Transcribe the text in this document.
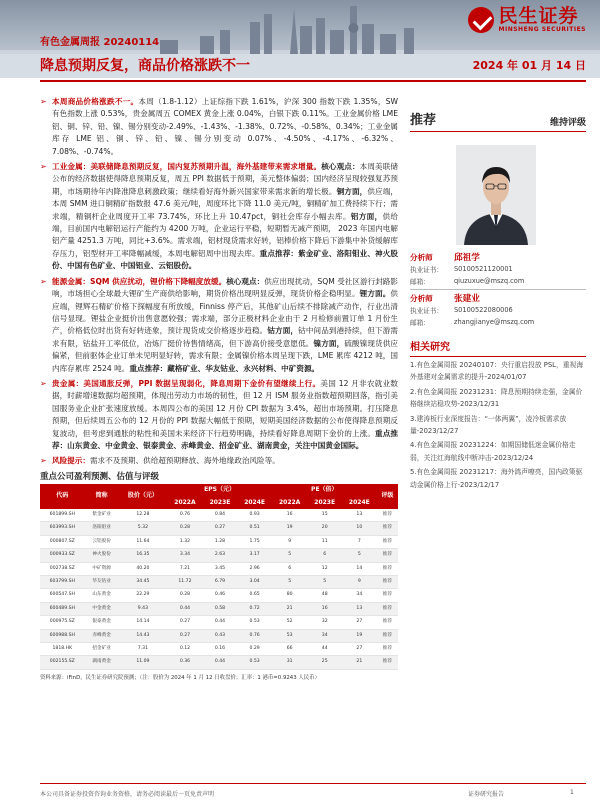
民生证券
MINSHENG SECURITIES
有色金属周报 20240114
降息预期反复，商品价格涨跌不一	2024 年 01 月 14 日
➢ 本周商品价格涨跌不一。本周（1.8-1.12）上证综指下跌 1.61%，沪深 300 指数下跌 1.35%，SW 有色指数上涨 0.53%，贵金属周五 COMEX 黄金上涨 0.04%，白银下跌 0.11%。工业金属价格 LME 铝、铜、锌、铅、镍、锡分别变动-2.49%、-1.43%、-1.38%、0.72%、-0.58%、0.34%；工业金属库存 LME 铝、铜、锌、铅、镍、锡分别变动 0.07%、-4.50%、-4.17%、-6.32%、7.08%、-0.74%。
➢ 工业金属：美联储降息预期反复，国内复苏预期升温，海外基建带来需求增量。核心观点：本周美联储公布的经济数据使得降息预期反复，周五 PPI 数据低于预期，美元整体偏弱；国内经济呈现较强复苏预期，市场期待年内降准降息刺激政策；继续看好海外新兴国家带来需求新的增长极。铜方面，供应端，本周 SMM 进口铜精矿指数报 47.6 美元/吨，周度环比下降 11.0 美元/吨，铜精矿加工费持续下行；需求端，精铜杆企业周度开工率 73.74%，环比上升 10.47pct，铜社会库存小幅去库。铝方面，供给端，目前国内电解铝运行产能约为 4200 万吨，企业运行平稳，短期暂无减产预期， 2023 年国内电解铝产量 4251.3 万吨，同比+3.6%。需求端，铝材现货需求好转，铝棒价格下降后下游集中补货缓解库存压力，铝型材开工率降幅减缓，本周电解铝周中出现去库。重点推荐：紫金矿业、洛阳钼业、神火股份、中国有色矿业、中国铝业、云铝股份。
➢ 能源金属：SQM 供应扰动，锂价格下降幅度放缓。核心观点：供应出现扰动，SQM 受社区游行封路影响，市场担心全球最大锂矿生产商供给影响，期货价格出现明显反弹，现货价格企稳明显。锂方面。供应端，锂辉石精矿价格下探幅度有所放缓，Finniss 停产后，其他矿山后续不排除减产动作，行业出清信号显现。锂盐企业挺价出售意愿较强；需求端，部分正极材料企业由于 2 月检修前置订单 1 月份生产，价格低位时出货有好转迹象，预计现货成交价格逐步趋稳。钴方面，钴中间品到港持续，但下游需求有限，钴盐开工率低位，冶炼厂挺价待售情绪高，但下游高价接受意愿低。镍方面，硫酸镍现货供应偏紧，但前驱体企业订单未见明显好转，需求有限；金属镍价格本周呈现下跌，LME 累库 4212 吨，国内库存累库 2524 吨。重点推荐：藏格矿业、华友钴业、永兴材料、中矿资源。
➢ 贵金属：美国通胀反弹，PPI 数据呈现弱化，降息周期下金价有望继续上行。美国 12 月非农就业数据，时薪增速数据均超预期，体现出劳动力市场的韧性，但 12 月 ISM 服务业指数超预期回落，指引美国服务业企业扩张速度放缓。本周四公布的美国 12 月份 CPI 数据为 3.4%，超出市场预期。打压降息预期，但后续周五公布的 12 月份的 PPI 数据大幅低于预期，短期美国经济数据的公布使得降息预期反复波动，但考虑到通胀的粘性和美国未来经济下行趋势明确，持续看好降息周期下金价的上涨。重点推荐：山东黄金、中金黄金、银泰黄金、赤峰黄金、招金矿业、湖南黄金，关注中国黄金国际。
➢ 风险提示：需求不及预期、供给超预期释放、海外地缘政治风险等。
重点公司盈利预测、估值与评级
代码	简称	股价（元）	EPS（元）			PE（倍）			评级
			2022A	2023E	2024E	2022A	2023E	2024E	
601899.SH	紫金矿业	12.28	0.76	0.84	0.93	16	15	13	推荐
603993.SH	洛阳钼业	5.32	0.28	0.27	0.51	19	20	10	推荐
000807.SZ	云铝股份	11.64	1.32	1.28	1.75	9	11	7	推荐
000933.SZ	神火股份	16.35	3.34	2.63	3.17	5	6	5	推荐
002738.SZ	中矿资源	40.20	7.21	3.45	2.96	6	12	14	推荐
603799.SH	华友钴业	34.45	11.72	6.79	3.04	5	5	9	推荐
600547.SH	山东黄金	22.29	0.28	0.46	0.65	80	48	34	推荐
600489.SH	中金黄金	9.43	0.44	0.58	0.72	21	16	13	推荐
000975.SZ	银泰黄金	14.14	0.27	0.44	0.53	52	32	27	推荐
600988.SH	赤峰黄金	14.43	0.27	0.43	0.76	53	34	19	推荐
1818.HK	招金矿业	7.31	0.12	0.16	0.29	66	44	27	推荐
002155.SZ	湖南黄金	11.09	0.36	0.44	0.53	31	25	21	推荐
资料来源：iFinD，民生证券研究院预测；（注：股价为 2024 年 1 月 12 日收盘价；汇率：1 港币=0.9243 人民币）
推荐	维持评级
分析师	邱祖学
执业证书：	S0100521120001
邮箱：	qiuzuxue@mszq.com
分析师	张建业
执业证书：	S0100522080006
邮箱：	zhangjianye@mszq.com
相关研究
1.有色金属周报 20240107：央行重启投放 PSL，重视海外基建对金属需求的提升-2024/01/07
2.有色金属周报 20231231：降息预期持续走强，金属价格继续站稳攻势-2023/12/31
3.建涛板行业深度报告：“一体两翼”，凌冷板需求放量-2023/12/27
4.有色金属周报 20231224：如期国储低迷金属价格走弱，关注红海航线中断冲击-2023/12/24
5.有色金属周报 20231217：海外鸽声嘹亮，国内政策驱动金属价格上行-2023/12/17
本公司具备证券投资咨询业务资格，请务必阅读最后一页免责声明	证券研究报告	1
